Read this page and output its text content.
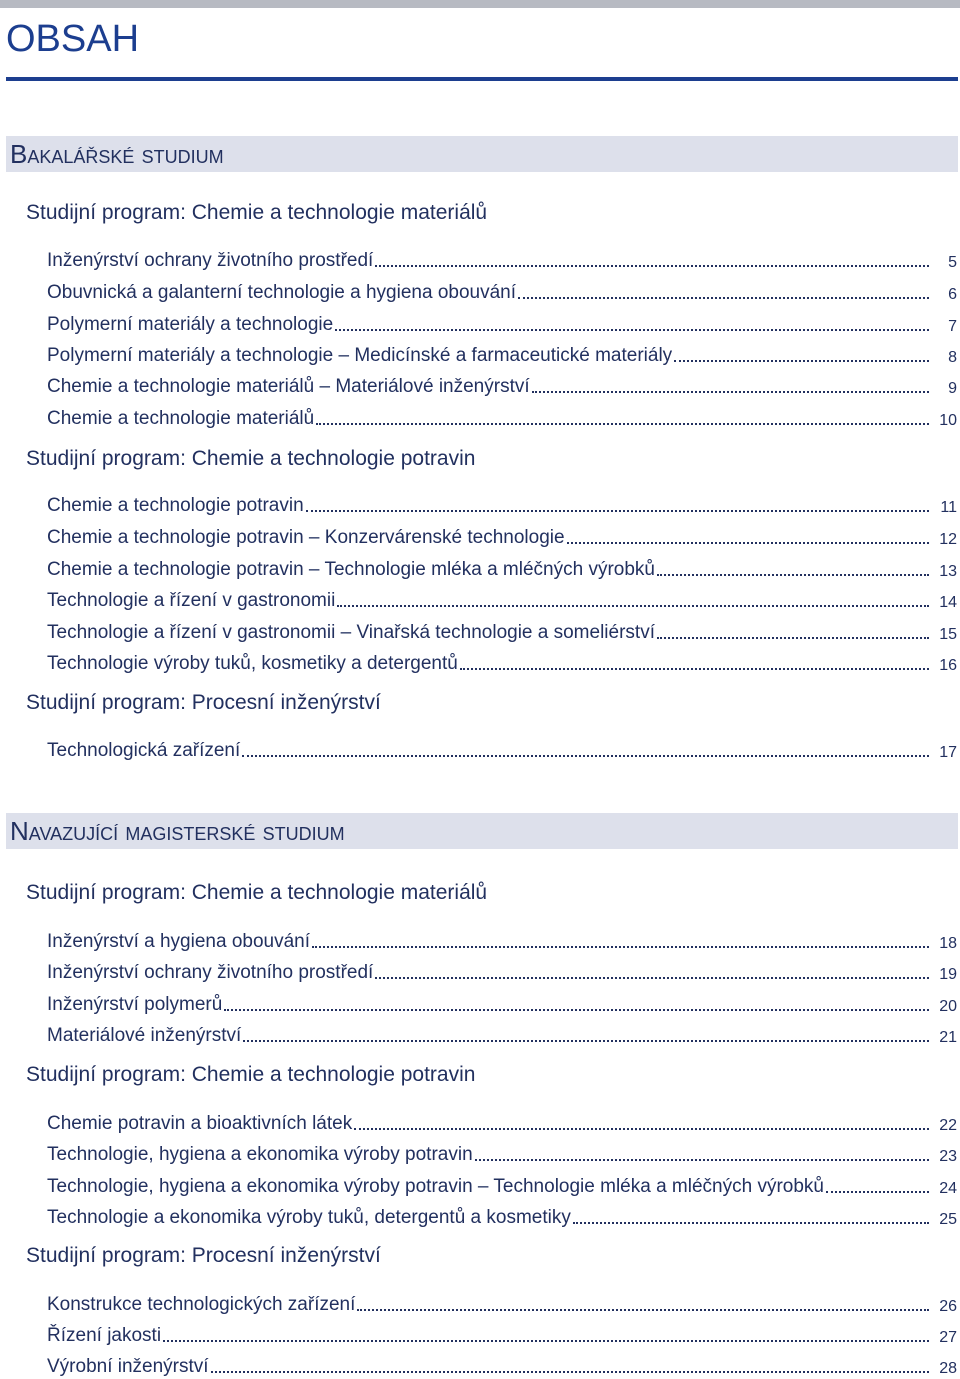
OBSAH
Bakalářské studium
Studijní program: Chemie a technologie materiálů
Inženýrství ochrany životního prostředí	5
Obuvnická a galanterní technologie a hygiena obouvání	6
Polymerní materiály a technologie	7
Polymerní materiály a technologie – Medicínské a farmaceutické materiály	8
Chemie a technologie materiálů – Materiálové inženýrství	9
Chemie a technologie materiálů	10
Studijní program: Chemie a technologie potravin
Chemie a technologie potravin	11
Chemie a technologie potravin – Konzervárenské technologie	12
Chemie a technologie potravin – Technologie mléka a mléčných výrobků	13
Technologie a řízení v gastronomii	14
Technologie a řízení v gastronomii – Vinařská technologie a someliérství	15
Technologie výroby tuků, kosmetiky a detergentů	16
Studijní program: Procesní inženýrství
Technologická zařízení	17
Navazující magisterské studium
Studijní program: Chemie a technologie materiálů
Inženýrství a hygiena obouvání	18
Inženýrství ochrany životního prostředí	19
Inženýrství polymerů	20
Materiálové inženýrství	21
Studijní program: Chemie a technologie potravin
Chemie potravin a bioaktivních látek	22
Technologie, hygiena a ekonomika výroby potravin	23
Technologie, hygiena a ekonomika výroby potravin – Technologie mléka a mléčných výrobků	24
Technologie a ekonomika výroby tuků, detergentů a kosmetiky	25
Studijní program: Procesní inženýrství
Konstrukce technologických zařízení	26
Řízení jakosti	27
Výrobní inženýrství	28
